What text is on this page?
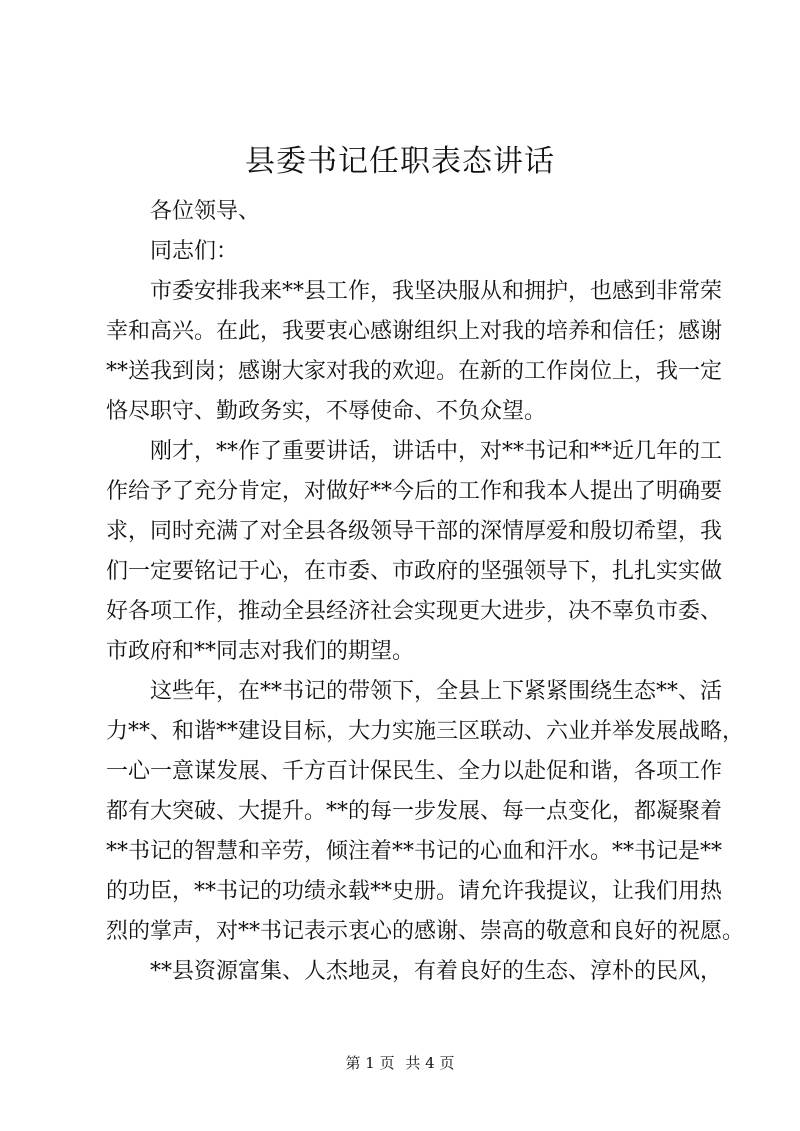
县委书记任职表态讲话
各位领导、
同志们：
市委安排我来**县工作，我坚决服从和拥护，也感到非常荣
幸和高兴。在此，我要衷心感谢组织上对我的培养和信任；感谢
**送我到岗；感谢大家对我的欢迎。在新的工作岗位上，我一定
恪尽职守、勤政务实，不辱使命、不负众望。
刚才，**作了重要讲话，讲话中，对**书记和**近几年的工
作给予了充分肯定，对做好**今后的工作和我本人提出了明确要
求，同时充满了对全县各级领导干部的深情厚爱和殷切希望，我
们一定要铭记于心，在市委、市政府的坚强领导下，扎扎实实做
好各项工作，推动全县经济社会实现更大进步，决不辜负市委、
市政府和**同志对我们的期望。
这些年，在**书记的带领下，全县上下紧紧围绕生态**、活
力**、和谐**建设目标，大力实施三区联动、六业并举发展战略，
一心一意谋发展、千方百计保民生、全力以赴促和谐，各项工作
都有大突破、大提升。**的每一步发展、每一点变化，都凝聚着
**书记的智慧和辛劳，倾注着**书记的心血和汗水。**书记是**
的功臣，**书记的功绩永载**史册。请允许我提议，让我们用热
烈的掌声，对**书记表示衷心的感谢、崇高的敬意和良好的祝愿。
**县资源富集、人杰地灵，有着良好的生态、淳朴的民风，
第 1 页 共 4 页
